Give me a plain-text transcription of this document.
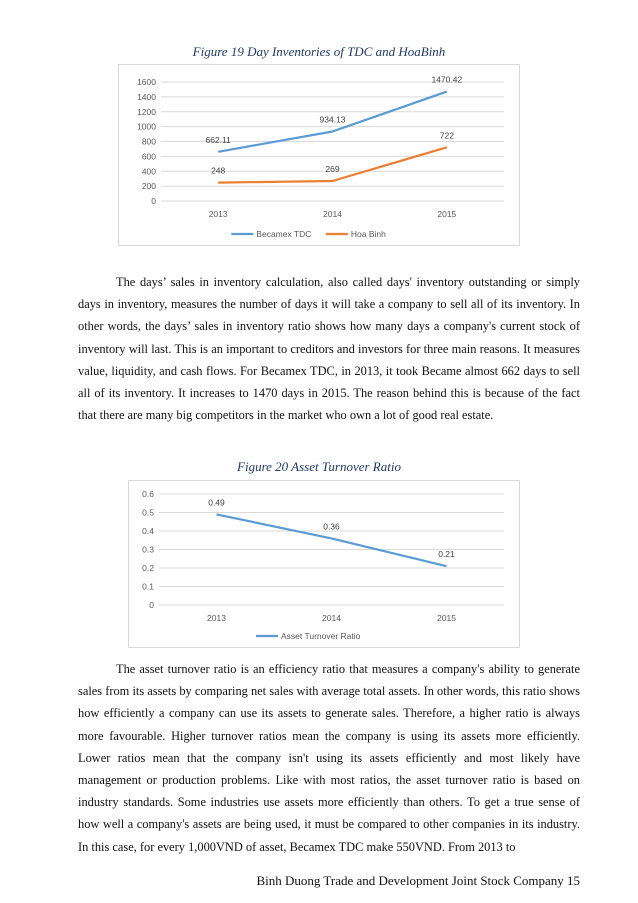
Figure 19 Day Inventories of TDC and HoaBinh
0
200
400
600
800
1000
1200
1400
1600
2013	2014	2015
662.11
934.13
1470.42
248	269
722
Becamex TDC	Hoa Binh

The days’ sales in inventory calculation, also called days' inventory outstanding or simply days in inventory, measures the number of days it will take a company to sell all of its inventory. In other words, the days’ sales in inventory ratio shows how many days a company's current stock of inventory will last. This is an important to creditors and investors for three main reasons. It measures value, liquidity, and cash flows. For Becamex TDC, in 2013, it took Became almost 662 days to sell all of its inventory. It increases to 1470 days in 2015. The reason behind this is because of the fact that there are many big competitors in the market who own a lot of good real estate.

Figure 20 Asset Turnover Ratio
0
0.1
0.2
0.3
0.4
0.5
0.6
2013	2014	2015
0.49
0.36
0.21
Asset Turnover Ratio

The asset turnover ratio is an efficiency ratio that measures a company's ability to generate sales from its assets by comparing net sales with average total assets. In other words, this ratio shows how efficiently a company can use its assets to generate sales. Therefore, a higher ratio is always more favourable. Higher turnover ratios mean the company is using its assets more efficiently. Lower ratios mean that the company isn't using its assets efficiently and most likely have management or production problems. Like with most ratios, the asset turnover ratio is based on industry standards. Some industries use assets more efficiently than others. To get a true sense of how well a company's assets are being used, it must be compared to other companies in its industry. In this case, for every 1,000VND of asset, Becamex TDC make 550VND. From 2013 to

Binh Duong Trade and Development Joint Stock Company 15
